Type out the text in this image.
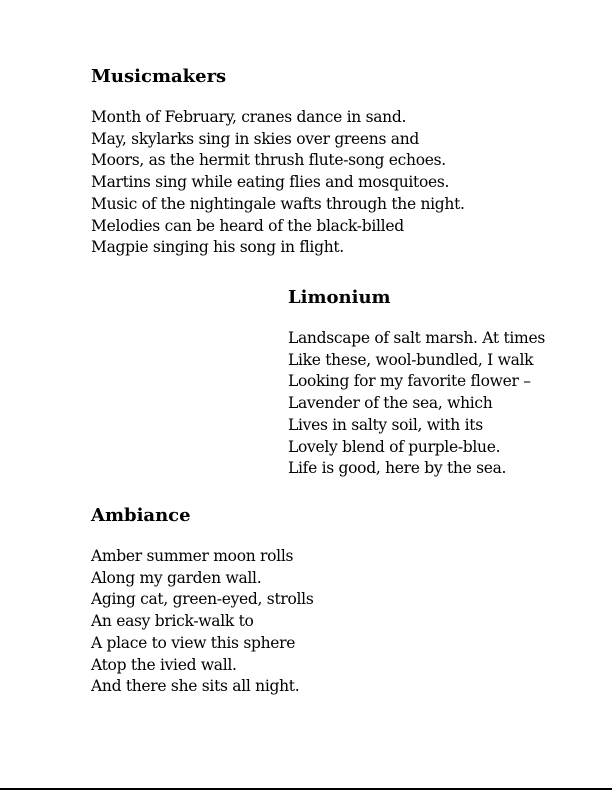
Musicmakers
Month of February, cranes dance in sand.
May, skylarks sing in skies over greens and
Moors, as the hermit thrush flute-song echoes.
Martins sing while eating flies and mosquitoes.
Music of the nightingale wafts through the night.
Melodies can be heard of the black-billed
Magpie singing his song in flight.
Limonium
Landscape of salt marsh. At times
Like these, wool-bundled, I walk
Looking for my favorite flower –
Lavender of the sea, which
Lives in salty soil, with its
Lovely blend of purple-blue.
Life is good, here by the sea.
Ambiance
Amber summer moon rolls
Along my garden wall.
Aging cat, green-eyed, strolls
An easy brick-walk to
A place to view this sphere
Atop the ivied wall.
And there she sits all night.
